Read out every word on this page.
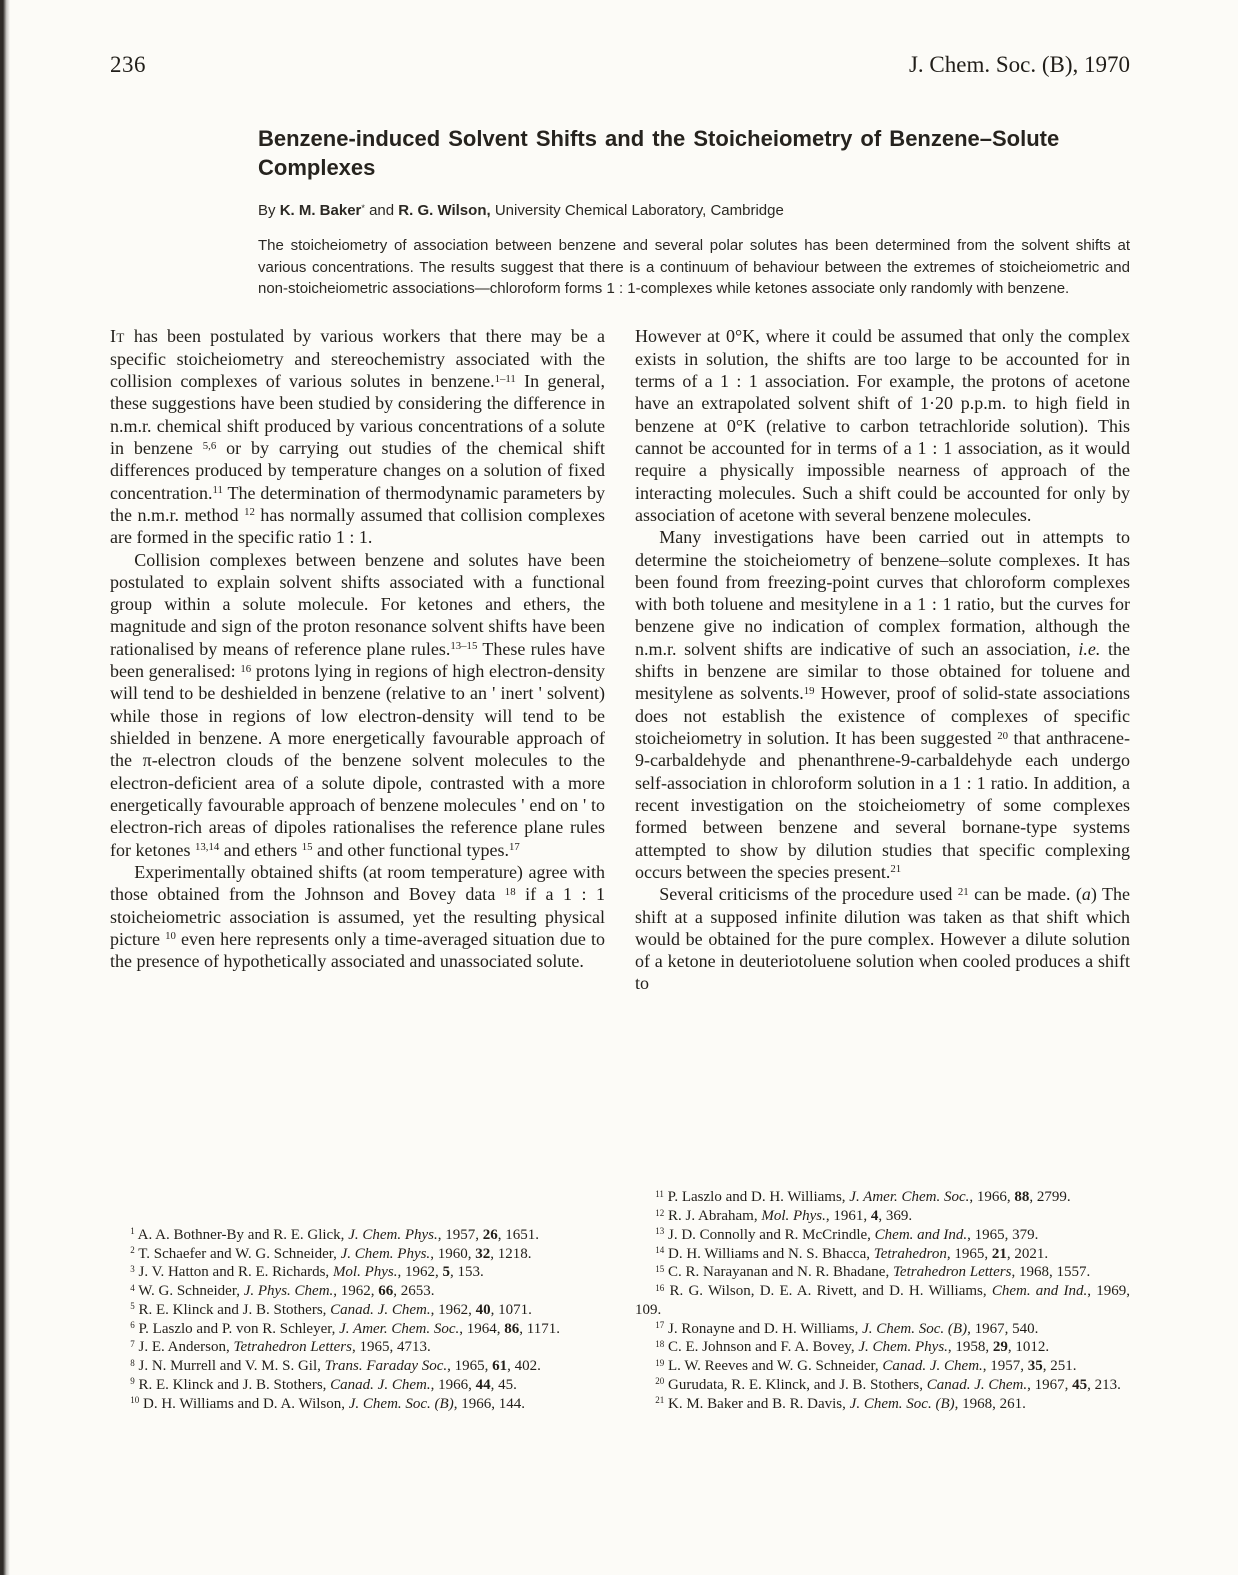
236	J. Chem. Soc. (B), 1970
Benzene-induced Solvent Shifts and the Stoicheiometry of Benzene–Solute Complexes

By K. M. Baker* and R. G. Wilson, University Chemical Laboratory, Cambridge

The stoicheiometry of association between benzene and several polar solutes has been determined from the solvent shifts at various concentrations. The results suggest that there is a continuum of behaviour between the extremes of stoicheiometric and non-stoicheiometric associations—chloroform forms 1 : 1-complexes while ketones associate only randomly with benzene.

It has been postulated by various workers that there may be a specific stoicheiometry and stereochemistry associated with the collision complexes of various solutes in benzene.$^{1-11}$ In general, these suggestions have been studied by considering the difference in n.m.r. chemical shift produced by various concentrations of a solute in benzene $^{5,6}$ or by carrying out studies of the chemical shift differences produced by temperature changes on a solution of fixed concentration.$^{11}$ The determination of thermodynamic parameters by the n.m.r. method $^{12}$ has normally assumed that collision complexes are formed in the specific ratio 1 : 1.

Collision complexes between benzene and solutes have been postulated to explain solvent shifts associated with a functional group within a solute molecule. For ketones and ethers, the magnitude and sign of the proton resonance solvent shifts have been rationalised by means of reference plane rules.$^{13-15}$ These rules have been generalised: $^{16}$ protons lying in regions of high electron-density will tend to be deshielded in benzene (relative to an ' inert ' solvent) while those in regions of low electron-density will tend to be shielded in benzene. A more energetically favourable approach of the π-electron clouds of the benzene solvent molecules to the electron-deficient area of a solute dipole, contrasted with a more energetically favourable approach of benzene molecules ' end on ' to electron-rich areas of dipoles rationalises the reference plane rules for ketones $^{13,14}$ and ethers $^{15}$ and other functional types.$^{17}$

Experimentally obtained shifts (at room temperature) agree with those obtained from the Johnson and Bovey data $^{18}$ if a 1 : 1 stoicheiometric association is assumed, yet the resulting physical picture $^{10}$ even here represents only a time-averaged situation due to the presence of hypothetically associated and unassociated solute.

$^1$ A. A. Bothner-By and R. E. Glick, J. Chem. Phys., 1957, 26, 1651.

$^2$ T. Schaefer and W. G. Schneider, J. Chem. Phys., 1960, 32, 1218.

$^3$ J. V. Hatton and R. E. Richards, Mol. Phys., 1962, 5, 153.

$^4$ W. G. Schneider, J. Phys. Chem., 1962, 66, 2653.

$^5$ R. E. Klinck and J. B. Stothers, Canad. J. Chem., 1962, 40, 1071.

$^6$ P. Laszlo and P. von R. Schleyer, J. Amer. Chem. Soc., 1964, 86, 1171.

$^7$ J. E. Anderson, Tetrahedron Letters, 1965, 4713.

$^8$ J. N. Murrell and V. M. S. Gil, Trans. Faraday Soc., 1965, 61, 402.

$^9$ R. E. Klinck and J. B. Stothers, Canad. J. Chem., 1966, 44, 45.

$^{10}$ D. H. Williams and D. A. Wilson, J. Chem. Soc. (B), 1966, 144.

However at 0°K, where it could be assumed that only the complex exists in solution, the shifts are too large to be accounted for in terms of a 1 : 1 association. For example, the protons of acetone have an extrapolated solvent shift of 1·20 p.p.m. to high field in benzene at 0°K (relative to carbon tetrachloride solution). This cannot be accounted for in terms of a 1 : 1 association, as it would require a physically impossible nearness of approach of the interacting molecules. Such a shift could be accounted for only by association of acetone with several benzene molecules.

Many investigations have been carried out in attempts to determine the stoicheiometry of benzene–solute complexes. It has been found from freezing-point curves that chloroform complexes with both toluene and mesitylene in a 1 : 1 ratio, but the curves for benzene give no indication of complex formation, although the n.m.r. solvent shifts are indicative of such an association, i.e. the shifts in benzene are similar to those obtained for toluene and mesitylene as solvents.$^{19}$ However, proof of solid-state associations does not establish the existence of complexes of specific stoicheiometry in solution. It has been suggested $^{20}$ that anthracene-9-carbaldehyde and phenanthrene-9-carbaldehyde each undergo self-association in chloroform solution in a 1 : 1 ratio. In addition, a recent investigation on the stoicheiometry of some complexes formed between benzene and several bornane-type systems attempted to show by dilution studies that specific complexing occurs between the species present.$^{21}$

Several criticisms of the procedure used $^{21}$ can be made. (a) The shift at a supposed infinite dilution was taken as that shift which would be obtained for the pure complex. However a dilute solution of a ketone in deuteriotoluene solution when cooled produces a shift to

$^{11}$ P. Laszlo and D. H. Williams, J. Amer. Chem. Soc., 1966, 88, 2799.

$^{12}$ R. J. Abraham, Mol. Phys., 1961, 4, 369.

$^{13}$ J. D. Connolly and R. McCrindle, Chem. and Ind., 1965, 379.

$^{14}$ D. H. Williams and N. S. Bhacca, Tetrahedron, 1965, 21, 2021.

$^{15}$ C. R. Narayanan and N. R. Bhadane, Tetrahedron Letters, 1968, 1557.

$^{16}$ R. G. Wilson, D. E. A. Rivett, and D. H. Williams, Chem. and Ind., 1969, 109.

$^{17}$ J. Ronayne and D. H. Williams, J. Chem. Soc. (B), 1967, 540.

$^{18}$ C. E. Johnson and F. A. Bovey, J. Chem. Phys., 1958, 29, 1012.

$^{19}$ L. W. Reeves and W. G. Schneider, Canad. J. Chem., 1957, 35, 251.

$^{20}$ Gurudata, R. E. Klinck, and J. B. Stothers, Canad. J. Chem., 1967, 45, 213.

$^{21}$ K. M. Baker and B. R. Davis, J. Chem. Soc. (B), 1968, 261.
